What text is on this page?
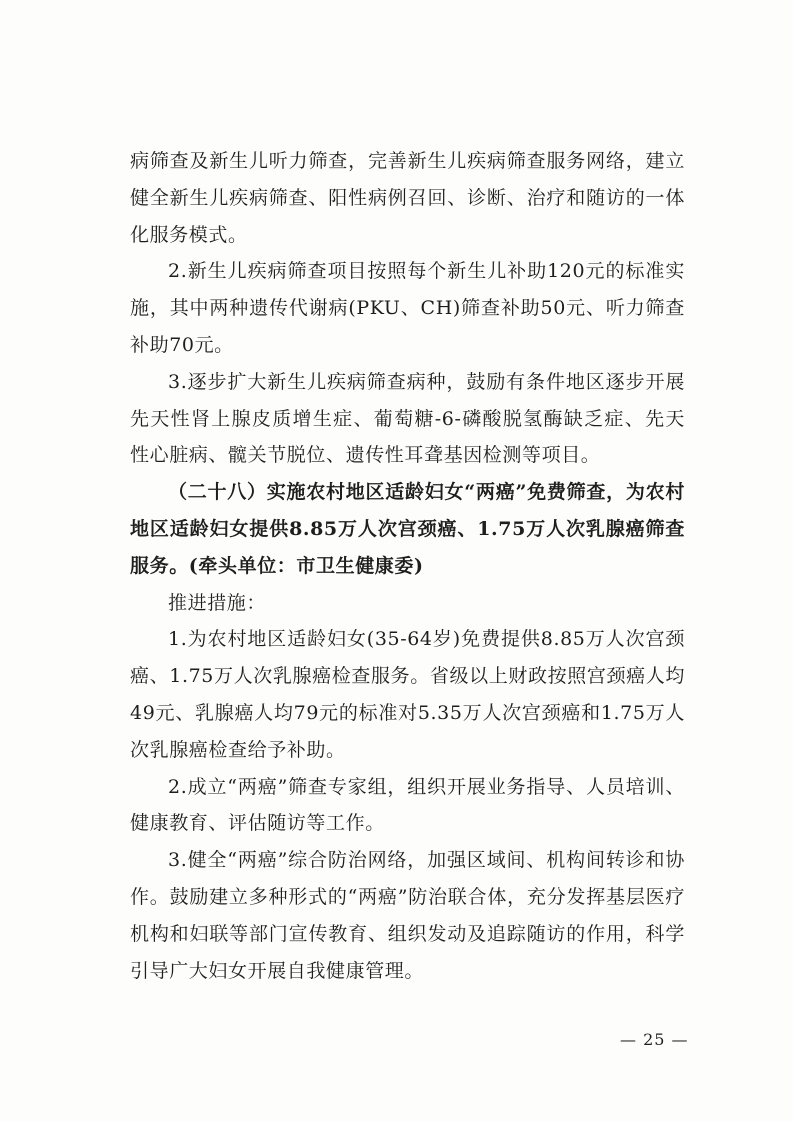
病筛查及新生儿听力筛查，完善新生儿疾病筛查服务网络，建立健全新生儿疾病筛查、阳性病例召回、诊断、治疗和随访的一体化服务模式。

2.新生儿疾病筛查项目按照每个新生儿补助120元的标准实施，其中两种遗传代谢病(PKU、CH)筛查补助50元、听力筛查补助70元。

3.逐步扩大新生儿疾病筛查病种，鼓励有条件地区逐步开展先天性肾上腺皮质增生症、葡萄糖-6-磷酸脱氢酶缺乏症、先天性心脏病、髋关节脱位、遗传性耳聋基因检测等项目。

（二十八）实施农村地区适龄妇女“两癌”免费筛查，为农村地区适龄妇女提供8.85万人次宫颈癌、1.75万人次乳腺癌筛查服务。(牵头单位：市卫生健康委)

推进措施：

1.为农村地区适龄妇女(35-64岁)免费提供8.85万人次宫颈癌、1.75万人次乳腺癌检查服务。省级以上财政按照宫颈癌人均49元、乳腺癌人均79元的标准对5.35万人次宫颈癌和1.75万人次乳腺癌检查给予补助。

2.成立“两癌”筛查专家组，组织开展业务指导、人员培训、健康教育、评估随访等工作。

3.健全“两癌”综合防治网络，加强区域间、机构间转诊和协作。鼓励建立多种形式的“两癌”防治联合体，充分发挥基层医疗机构和妇联等部门宣传教育、组织发动及追踪随访的作用，科学引导广大妇女开展自我健康管理。

— 25 —
